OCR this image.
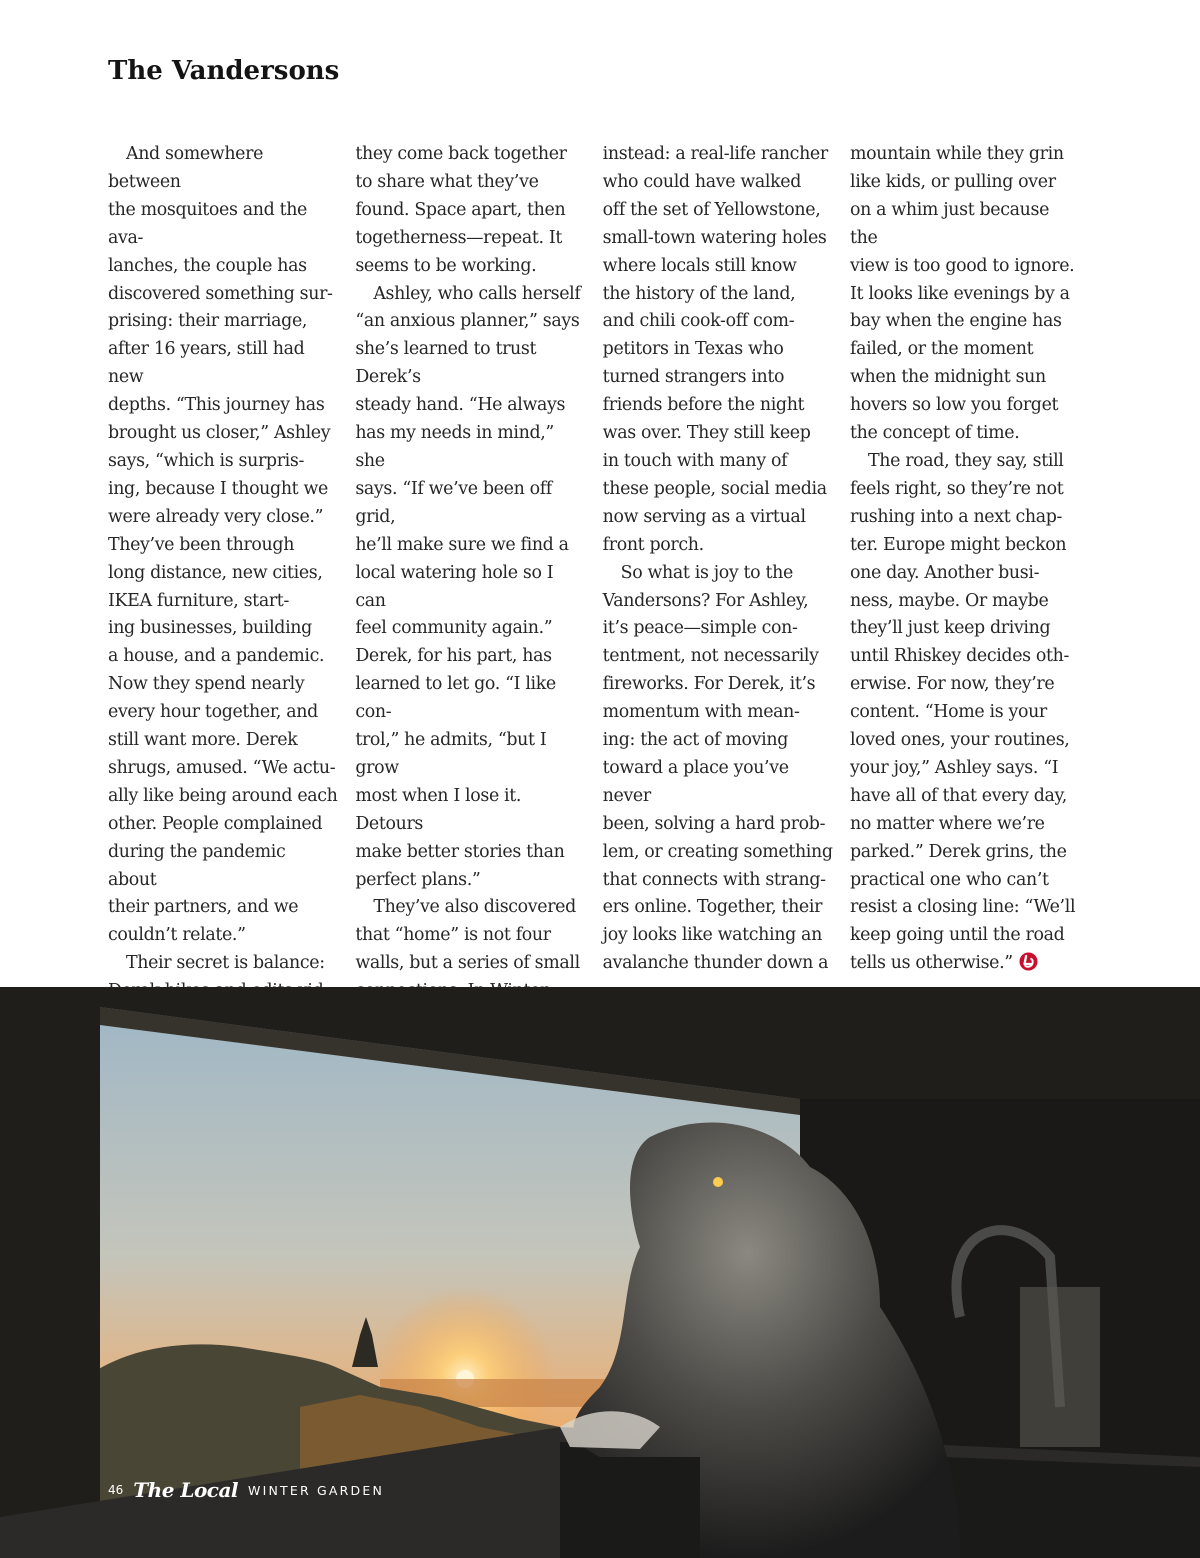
The Vandersons

And somewhere between
the mosquitoes and the ava-
lanches, the couple has
discovered something sur-
prising: their marriage,
after 16 years, still had new
depths. “This journey has
brought us closer,” Ashley
says, “which is surpris-
ing, because I thought we
were already very close.”
They’ve been through
long distance, new cities,
IKEA furniture, start-
ing businesses, building
a house, and a pandemic.
Now they spend nearly
every hour together, and
still want more. Derek
shrugs, amused. “We actu-
ally like being around each
other. People complained
during the pandemic about
their partners, and we
couldn’t relate.”

Their secret is balance:

they come back together
to share what they’ve
found. Space apart, then
togetherness—repeat. It
seems to be working.

Ashley, who calls herself
“an anxious planner,” says
she’s learned to trust Derek’s
steady hand. “He always
has my needs in mind,” she
says. “If we’ve been off grid,
he’ll make sure we find a
local watering hole so I can
feel community again.”
Derek, for his part, has
learned to let go. “I like con-
trol,” he admits, “but I grow
most when I lose it. Detours
make better stories than
perfect plans.”

They’ve also discovered
that “home” is not four
walls, but a series of small

instead: a real-life rancher
who could have walked
off the set of Yellowstone,
small-town watering holes
where locals still know
the history of the land,
and chili cook-off com-
petitors in Texas who
turned strangers into
friends before the night
was over. They still keep
in touch with many of
these people, social media
now serving as a virtual
front porch.

So what is joy to the
Vandersons? For Ashley,
it’s peace—simple con-
tentment, not necessarily
fireworks. For Derek, it’s
momentum with mean-
ing: the act of moving
toward a place you’ve never
been, solving a hard prob-
lem, or creating something
that connects with strang-
ers online. Together, their
joy looks like watching an
avalanche thunder down a

mountain while they grin
like kids, or pulling over
on a whim just because the
view is too good to ignore.
It looks like evenings by a
bay when the engine has
failed, or the moment
when the midnight sun
hovers so low you forget
the concept of time.

The road, they say, still
feels right, so they’re not
rushing into a next chap-
ter. Europe might beckon
one day. Another busi-
ness, maybe. Or maybe
they’ll just keep driving
until Rhiskey decides oth-
erwise. For now, they’re
content. “Home is your
loved ones, your routines,
your joy,” Ashley says. “I
have all of that every day,
no matter where we’re
parked.” Derek grins, the
practical one who can’t
resist a closing line: “We’ll
keep going until the road
tells us otherwise.”

46 The Local WINTER GARDEN
